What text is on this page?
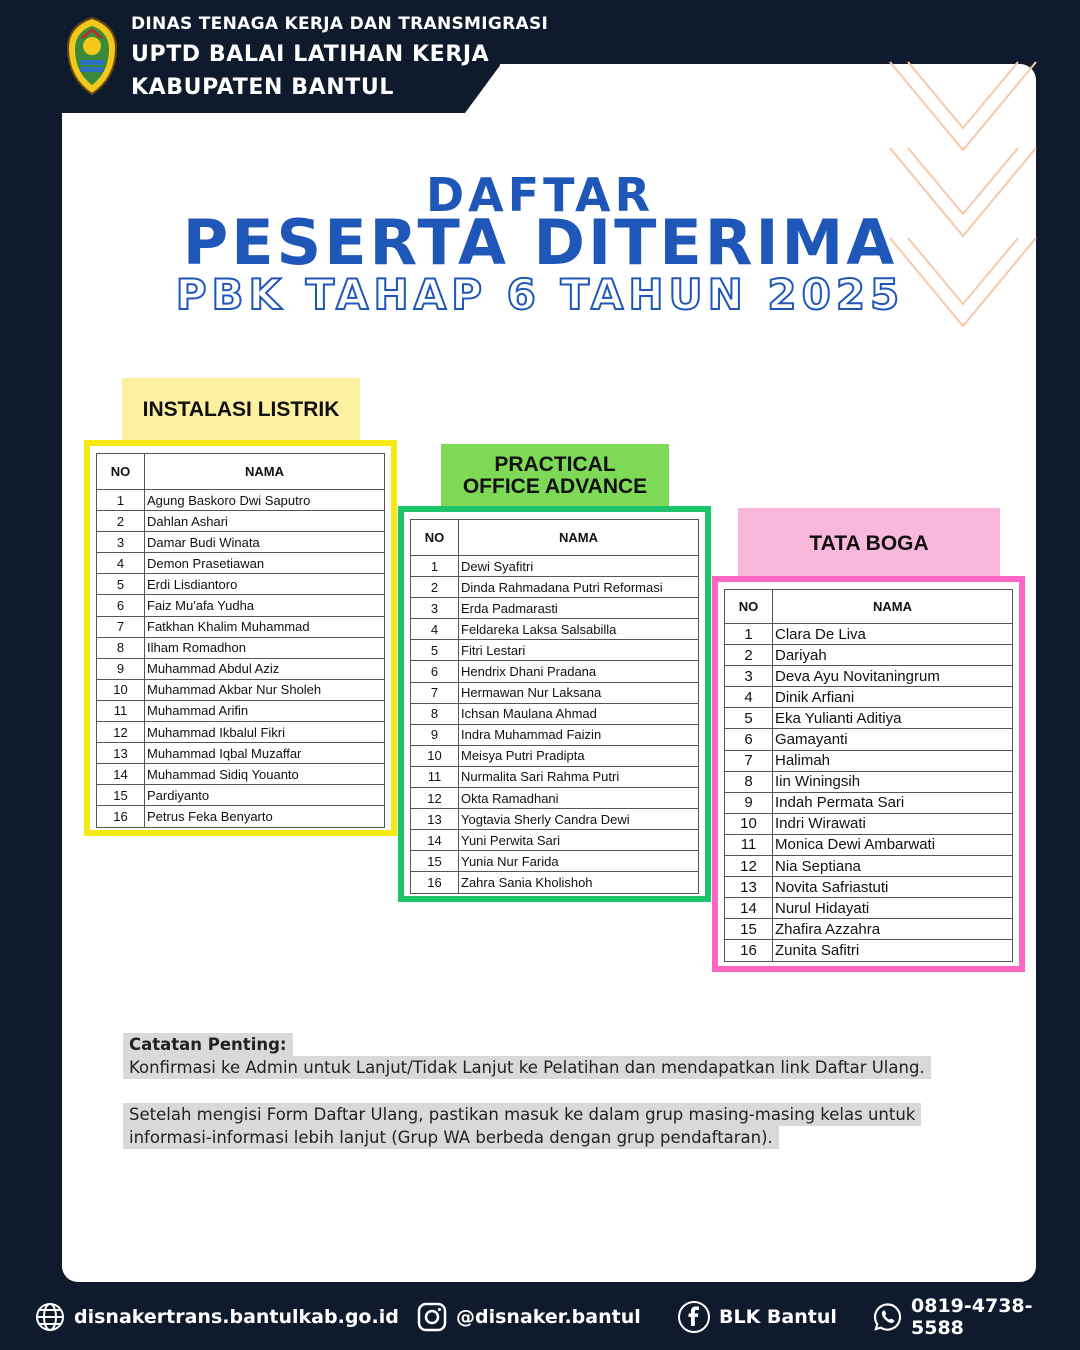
DINAS TENAGA KERJA DAN TRANSMIGRASI
UPTD BALAI LATIHAN KERJA
KABUPATEN BANTUL
DAFTAR
PESERTA DITERIMA
PBK TAHAP 6 TAHUN 2025
INSTALASI LISTRIK
PRACTICAL
OFFICE ADVANCE
TATA BOGA
NO	NAMA
1	Agung Baskoro Dwi Saputro
2	Dahlan Ashari
3	Damar Budi Winata
4	Demon Prasetiawan
5	Erdi Lisdiantoro
6	Faiz Mu'afa Yudha
7	Fatkhan Khalim Muhammad
8	Ilham Romadhon
9	Muhammad Abdul Aziz
10	Muhammad Akbar Nur Sholeh
11	Muhammad Arifin
12	Muhammad Ikbalul Fikri
13	Muhammad Iqbal Muzaffar
14	Muhammad Sidiq Youanto
15	Pardiyanto
16	Petrus Feka Benyarto
NO	NAMA
1	Dewi Syafitri
2	Dinda Rahmadana Putri Reformasi
3	Erda Padmarasti
4	Feldareka Laksa Salsabilla
5	Fitri Lestari
6	Hendrix Dhani Pradana
7	Hermawan Nur Laksana
8	Ichsan Maulana Ahmad
9	Indra Muhammad Faizin
10	Meisya Putri Pradipta
11	Nurmalita Sari Rahma Putri
12	Okta Ramadhani
13	Yogtavia Sherly Candra Dewi
14	Yuni Perwita Sari
15	Yunia Nur Farida
16	Zahra Sania Kholishoh
NO	NAMA
1	Clara De Liva
2	Dariyah
3	Deva Ayu Novitaningrum
4	Dinik Arfiani
5	Eka Yulianti Aditiya
6	Gamayanti
7	Halimah
8	Iin Winingsih
9	Indah Permata Sari
10	Indri Wirawati
11	Monica Dewi Ambarwati
12	Nia Septiana
13	Novita Safriastuti
14	Nurul Hidayati
15	Zhafira Azzahra
16	Zunita Safitri

Catatan Penting:

Konfirmasi ke Admin untuk Lanjut/Tidak Lanjut ke Pelatihan dan mendapatkan link Daftar Ulang.

Setelah mengisi Form Daftar Ulang, pastikan masuk ke dalam grup masing-masing kelas untuk informasi-informasi lebih lanjut (Grup WA berbeda dengan grup pendaftaran).

disnakertrans.bantulkab.go.id	@disnaker.bantul	BLK Bantul	0819-4738-5588
